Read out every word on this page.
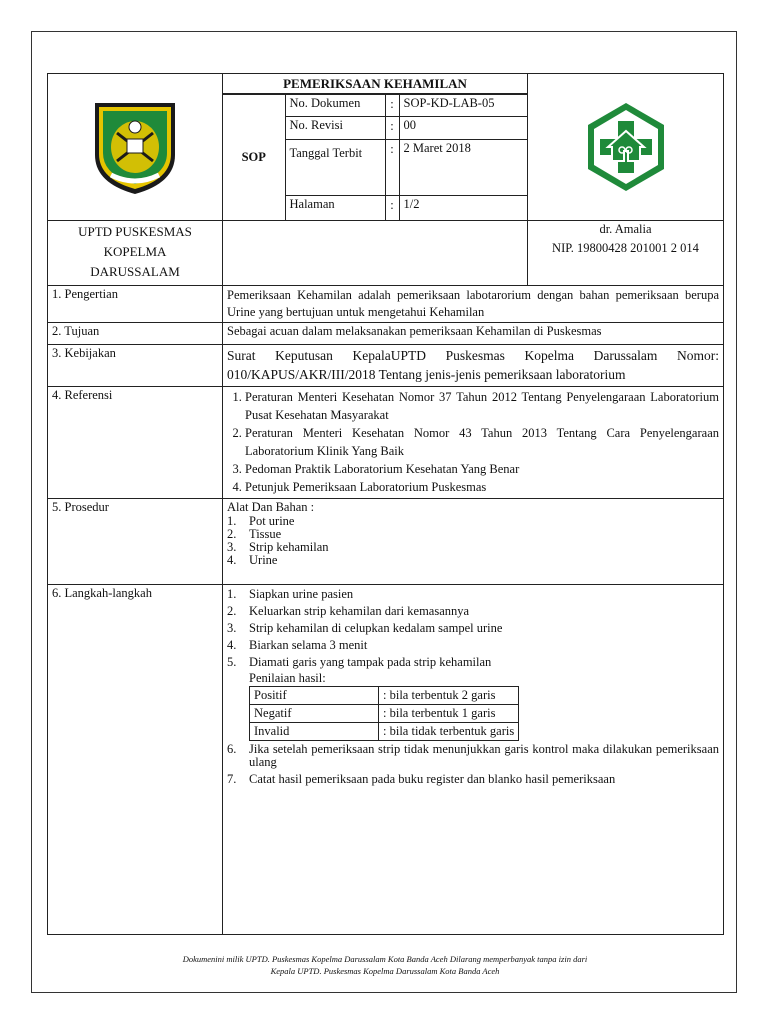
PEMERIKSAAN KEHAMILAN
SOP	No. Dokumen	:	SOP-KD-LAB-05
No. Revisi	:	00
Tanggal Terbit	:	2 Maret 2018
Halaman	:	1/2

UPTD PUSKESMAS KOPELMA DARUSSALAM		
dr. Amalia
NIP. 19800428 201001 2 014

1. Pengertian	Pemeriksaan Kehamilan adalah pemeriksaan labotarorium dengan bahan pemeriksaan berupa Urine yang bertujuan untuk mengetahui Kehamilan
2. Tujuan	Sebagai acuan dalam melaksanakan pemeriksaan Kehamilan di Puskesmas
3. Kebijakan	Surat Keputusan KepalaUPTD Puskesmas Kopelma Darussalam Nomor: 010/KAPUS/AKR/III/2018 Tentang jenis-jenis pemeriksaan laboratorium
4. Referensi	
1.Peraturan Menteri Kesehatan Nomor 37 Tahun 2012 Tentang Penyelengaraan Laboratorium Pusat Kesehatan Masyarakat
2. Peraturan Menteri Kesehatan Nomor 43 Tahun 2013 Tentang Cara Penyelengaraan Laboratorium Klinik Yang Baik
3. Pedoman Praktik Laboratorium Kesehatan Yang Benar
4. Petunjuk Pemeriksaan Laboratorium Puskesmas

5. Prosedur	Alat Dan Bahan :
1. Pot urine
2. Tissue
3. Strip kehamilan
4. Urine

6. Langkah-langkah	1. Siapkan urine pasien
2. Keluarkan strip kehamilan dari kemasannya
3. Strip kehamilan di celupkan kedalam sampel urine
4. Biarkan selama 3 menit
5. Diamati garis yang tampak pada strip kehamilan
Penilaian hasil:
Positif	: bila terbentuk 2 garis
Negatif	: bila terbentuk 1 garis
Invalid	: bila tidak terbentuk garis
6.	Jika setelah pemeriksaan strip tidak menunjukkan garis kontrol maka dilakukan pemeriksaan ulang
7.	Catat hasil pemeriksaan pada buku register dan blanko hasil pemeriksaan
Dokumenini milik UPTD. Puskesmas Kopelma Darussalam Kota Banda Aceh Dilarang memperbanyak tanpa izin dari
Kepala UPTD. Puskesmas Kopelma Darussalam Kota Banda Aceh
